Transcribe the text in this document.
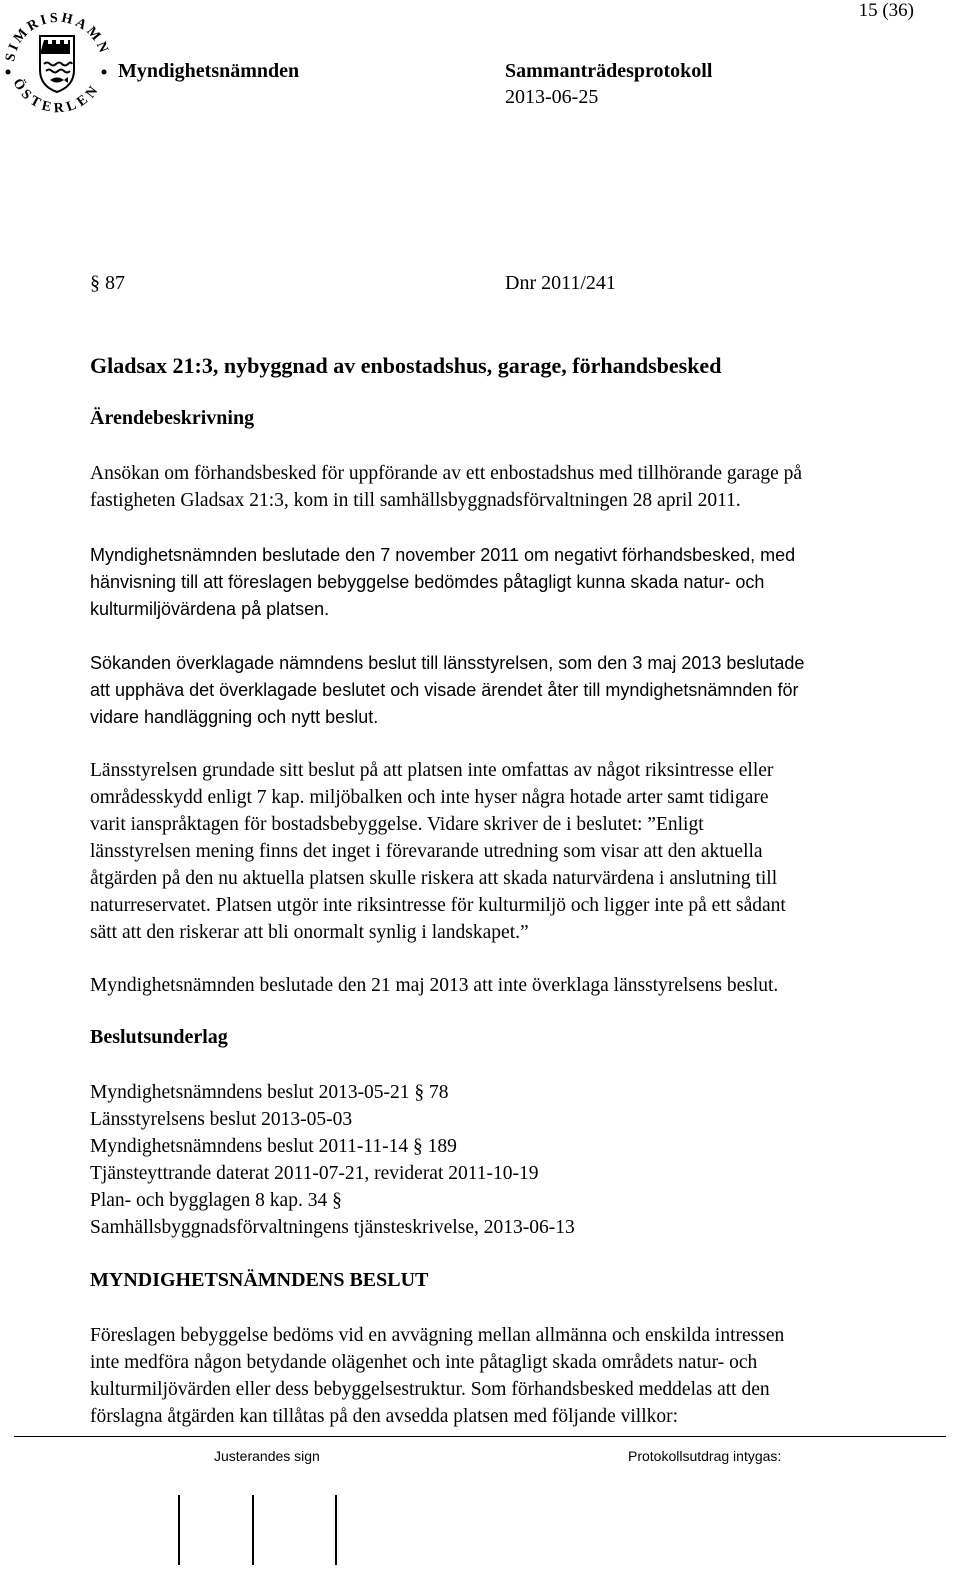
15 (36)
SIMRISHAMN
ÖSTERLEN
Myndighetsnämnden	Sammanträdesprotokoll
2013-06-25
§ 87	Dnr 2011/241
Gladsax 21:3, nybyggnad av enbostadshus, garage, förhandsbesked
Ärendebeskrivning
Ansökan om förhandsbesked för uppförande av ett enbostadshus med tillhörande garage på
fastigheten Gladsax 21:3, kom in till samhällsbyggnadsförvaltningen 28 april 2011.
Myndighetsnämnden beslutade den 7 november 2011 om negativt förhandsbesked, med
hänvisning till att föreslagen bebyggelse bedömdes påtagligt kunna skada natur- och
kulturmiljövärdena på platsen.
Sökanden överklagade nämndens beslut till länsstyrelsen, som den 3 maj 2013 beslutade
att upphäva det överklagade beslutet och visade ärendet åter till myndighetsnämnden för
vidare handläggning och nytt beslut.
Länsstyrelsen grundade sitt beslut på att platsen inte omfattas av något riksintresse eller
områdesskydd enligt 7 kap. miljöbalken och inte hyser några hotade arter samt tidigare
varit ianspråktagen för bostadsbebyggelse. Vidare skriver de i beslutet: ”Enligt
länsstyrelsen mening finns det inget i förevarande utredning som visar att den aktuella
åtgärden på den nu aktuella platsen skulle riskera att skada naturvärdena i anslutning till
naturreservatet. Platsen utgör inte riksintresse för kulturmiljö och ligger inte på ett sådant
sätt att den riskerar att bli onormalt synlig i landskapet.”
Myndighetsnämnden beslutade den 21 maj 2013 att inte överklaga länsstyrelsens beslut.
Beslutsunderlag
Myndighetsnämndens beslut 2013-05-21 § 78
Länsstyrelsens beslut 2013-05-03
Myndighetsnämndens beslut 2011-11-14 § 189
Tjänsteyttrande daterat 2011-07-21, reviderat 2011-10-19
Plan- och bygglagen 8 kap. 34 §
Samhällsbyggnadsförvaltningens tjänsteskrivelse, 2013-06-13
MYNDIGHETSNÄMNDENS BESLUT
Föreslagen bebyggelse bedöms vid en avvägning mellan allmänna och enskilda intressen
inte medföra någon betydande olägenhet och inte påtagligt skada områdets natur- och
kulturmiljövärden eller dess bebyggelsestruktur. Som förhandsbesked meddelas att den
förslagna åtgärden kan tillåtas på den avsedda platsen med följande villkor:
Justerandes sign	Protokollsutdrag intygas:
